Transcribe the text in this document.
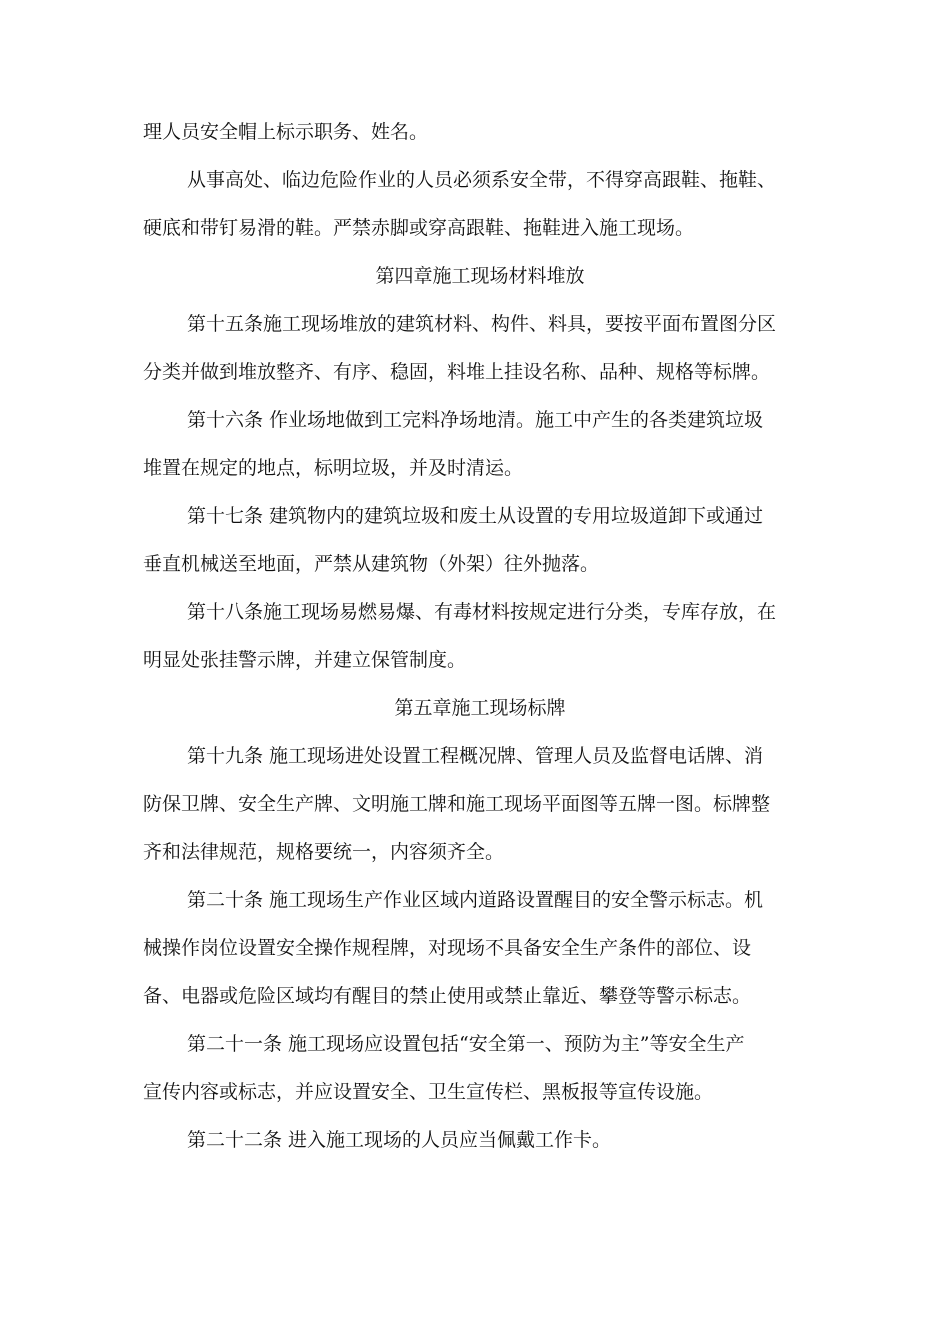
理人员安全帽上标示职务、姓名。
从事高处、临边危险作业的人员必须系安全带，不得穿高跟鞋、拖鞋、
硬底和带钉易滑的鞋。严禁赤脚或穿高跟鞋、拖鞋进入施工现场。
第四章施工现场材料堆放
第十五条施工现场堆放的建筑材料、构件、料具，要按平面布置图分区
分类并做到堆放整齐、有序、稳固，料堆上挂设名称、品种、规格等标牌。
第十六条 作业场地做到工完料净场地清。施工中产生的各类建筑垃圾
堆置在规定的地点，标明垃圾，并及时清运。
第十七条 建筑物内的建筑垃圾和废土从设置的专用垃圾道卸下或通过
垂直机械送至地面，严禁从建筑物（外架）往外抛落。
第十八条施工现场易燃易爆、有毒材料按规定进行分类，专库存放，在
明显处张挂警示牌，并建立保管制度。
第五章施工现场标牌
第十九条 施工现场进处设置工程概况牌、管理人员及监督电话牌、消
防保卫牌、安全生产牌、文明施工牌和施工现场平面图等五牌一图。标牌整
齐和法律规范，规格要统一，内容须齐全。
第二十条 施工现场生产作业区域内道路设置醒目的安全警示标志。机
械操作岗位设置安全操作规程牌，对现场不具备安全生产条件的部位、设
备、电器或危险区域均有醒目的禁止使用或禁止靠近、攀登等警示标志。
第二十一条 施工现场应设置包括“安全第一、预防为主”等安全生产
宣传内容或标志，并应设置安全、卫生宣传栏、黑板报等宣传设施。
第二十二条 进入施工现场的人员应当佩戴工作卡。
